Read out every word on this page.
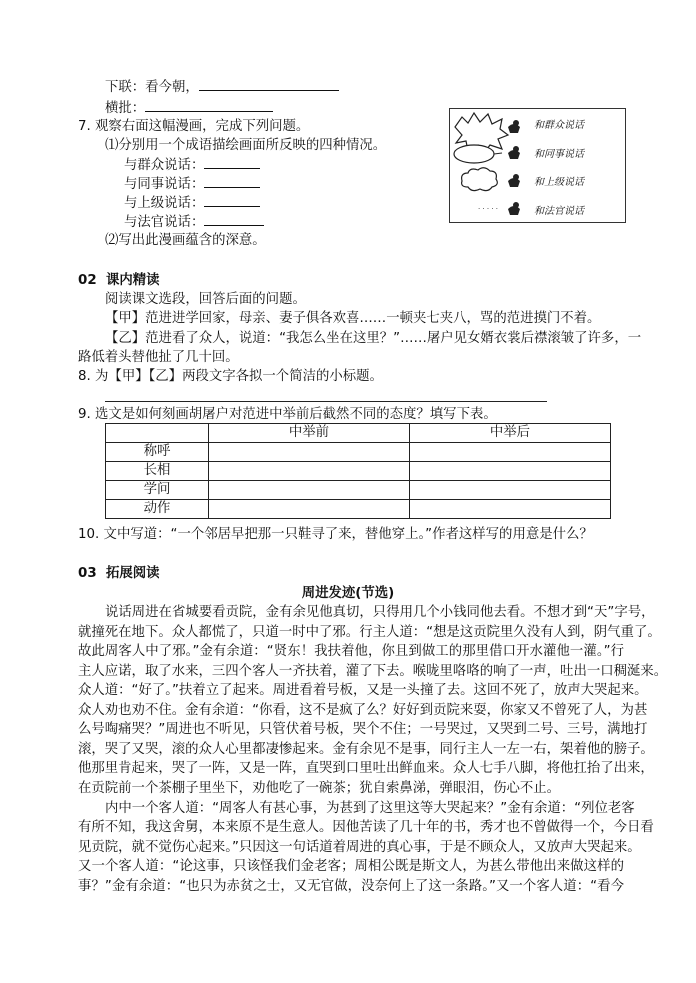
下联：看今朝，
横批：
7. 观察右面这幅漫画，完成下列问题。
⑴分别用一个成语描绘画面所反映的四种情况。
与群众说话：
与同事说话：
与上级说话：
与法官说话：
⑵写出此漫画蕴含的深意。
· · · · ·
和群众说话
和同事说话
和上级说话
和法官说话
02 课内精读
阅读课文选段，回答后面的问题。
【甲】范进进学回家，母亲、妻子俱各欢喜……一顿夹七夹八，骂的范进摸门不着。
【乙】范进看了众人，说道：“我怎么坐在这里？”……屠户见女婿衣裳后襟滚皱了许多，一
路低着头替他扯了几十回。
8. 为【甲】【乙】两段文字各拟一个简洁的小标题。
9. 选文是如何刻画胡屠户对范进中举前后截然不同的态度？填写下表。
	中举前	中举后
称呼		
长相		
学问		
动作		
10. 文中写道：“一个邻居早把那一只鞋寻了来，替他穿上。”作者这样写的用意是什么？
03 拓展阅读
周进发迹(节选)
说话周进在省城要看贡院，金有余见他真切，只得用几个小钱同他去看。不想才到“天”字号，
就撞死在地下。众人都慌了，只道一时中了邪。行主人道：“想是这贡院里久没有人到，阴气重了。
故此周客人中了邪。”金有余道：“贤东！我扶着他，你且到做工的那里借口开水灌他一灌。”行
主人应诺，取了水来，三四个客人一齐扶着，灌了下去。喉咙里咯咯的响了一声，吐出一口稠涎来。
众人道：“好了。”扶着立了起来。周进看着号板，又是一头撞了去。这回不死了，放声大哭起来。
众人劝也劝不住。金有余道：“你看，这不是疯了么？好好到贡院来耍，你家又不曾死了人，为甚
么号啕痛哭？”周进也不听见，只管伏着号板，哭个不住；一号哭过，又哭到二号、三号，满地打
滚，哭了又哭，滚的众人心里都凄惨起来。金有余见不是事，同行主人一左一右，架着他的膀子。
他那里肯起来，哭了一阵，又是一阵，直哭到口里吐出鲜血来。众人七手八脚，将他扛抬了出来，
在贡院前一个茶棚子里坐下，劝他吃了一碗茶；犹自索鼻涕，弹眼泪，伤心不止。
内中一个客人道：“周客人有甚心事，为甚到了这里这等大哭起来？”金有余道：“列位老客
有所不知，我这舍舅，本来原不是生意人。因他苦读了几十年的书，秀才也不曾做得一个，今日看
见贡院，就不觉伤心起来。”只因这一句话道着周进的真心事，于是不顾众人，又放声大哭起来。
又一个客人道：“论这事，只该怪我们金老客；周相公既是斯文人，为甚么带他出来做这样的
事？”金有余道：“也只为赤贫之士，又无官做，没奈何上了这一条路。”又一个客人道：“看今
